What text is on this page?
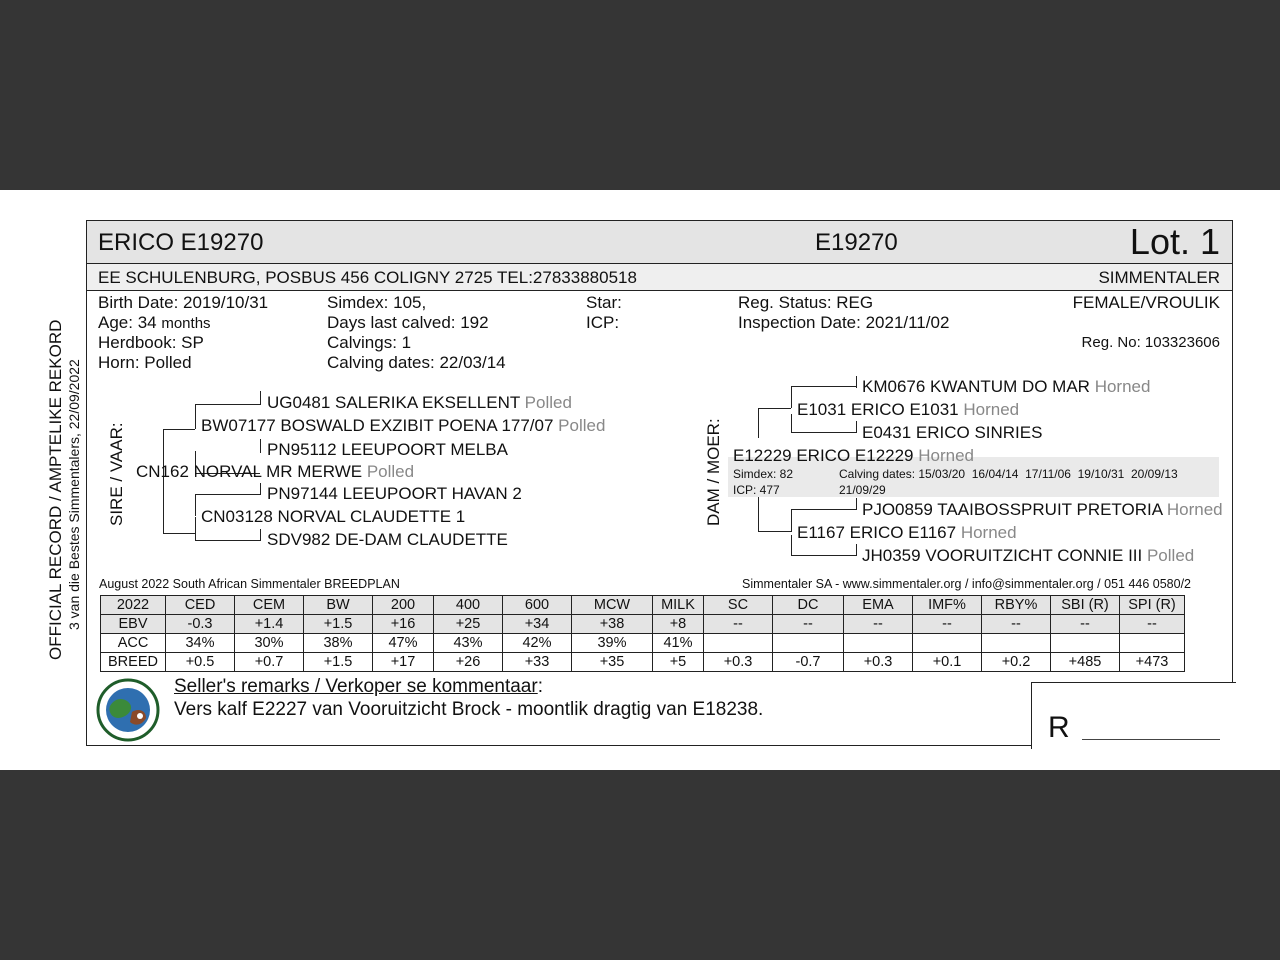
OFFICIAL RECORD / AMPTELIKE REKORD 3 van die Bestes Simmentalers, 22/09/2022
ERICO E19270	E19270	Lot. 1
EE SCHULENBURG, POSBUS 456 COLIGNY 2725 TEL:27833880518	SIMMENTALER
Birth Date: 2019/10/31
Age: 34 months
Herdbook: SP
Horn: Polled
Simdex: 105,
Days last calved: 192
Calvings: 1
Calving dates: 22/03/14
Star:
ICP:
Reg. Status: REG
Inspection Date: 2021/11/02
FEMALE/VROULIK
Reg. No: 103323606
SIRE / VAAR: CN162 NORVAL MR MERWE Polled
BW07177 BOSWALD EXZIBIT POENA 177/07 Polled
UG0481 SALERIKA EKSELLENT Polled
PN95112 LEEUPOORT MELBA
CN03128 NORVAL CLAUDETTE 1
PN97144 LEEUPOORT HAVAN 2
SDV982 DE-DAM CLAUDETTE
DAM / MOER:
KM0676 KWANTUM DO MAR Horned
E1031 ERICO E1031 Horned
E0431 ERICO SINRIES
E12229 ERICO E12229 Horned
Simdex: 82
ICP: 477
Calving dates: 15/03/20  16/04/14  17/11/06  19/10/31  20/09/13
21/09/29
PJO0859 TAAIBOSSPRUIT PRETORIA Horned
E1167 ERICO E1167 Horned
JH0359 VOORUITZICHT CONNIE III Polled
August 2022 South African Simmentaler BREEDPLAN	Simmentaler SA - www.simmentaler.org / info@simmentaler.org / 051 446 0580/2
2022	CED	CEM	BW	200	400	600	MCW	MILK	SC	DC	EMA	IMF%	RBY%	SBI (R)	SPI (R)
EBV	-0.3	+1.4	+1.5	+16	+25	+34	+38	+8	--	--	--	--	--	--	--
ACC	34%	30%	38%	47%	43%	42%	39%	41%							
BREED	+0.5	+0.7	+1.5	+17	+26	+33	+35	+5	+0.3	-0.7	+0.3	+0.1	+0.2	+485	+473
Seller's remarks / Verkoper se kommentaar:
Vers kalf E2227 van Vooruitzicht Brock - moontlik dragtig van E18238.
R
